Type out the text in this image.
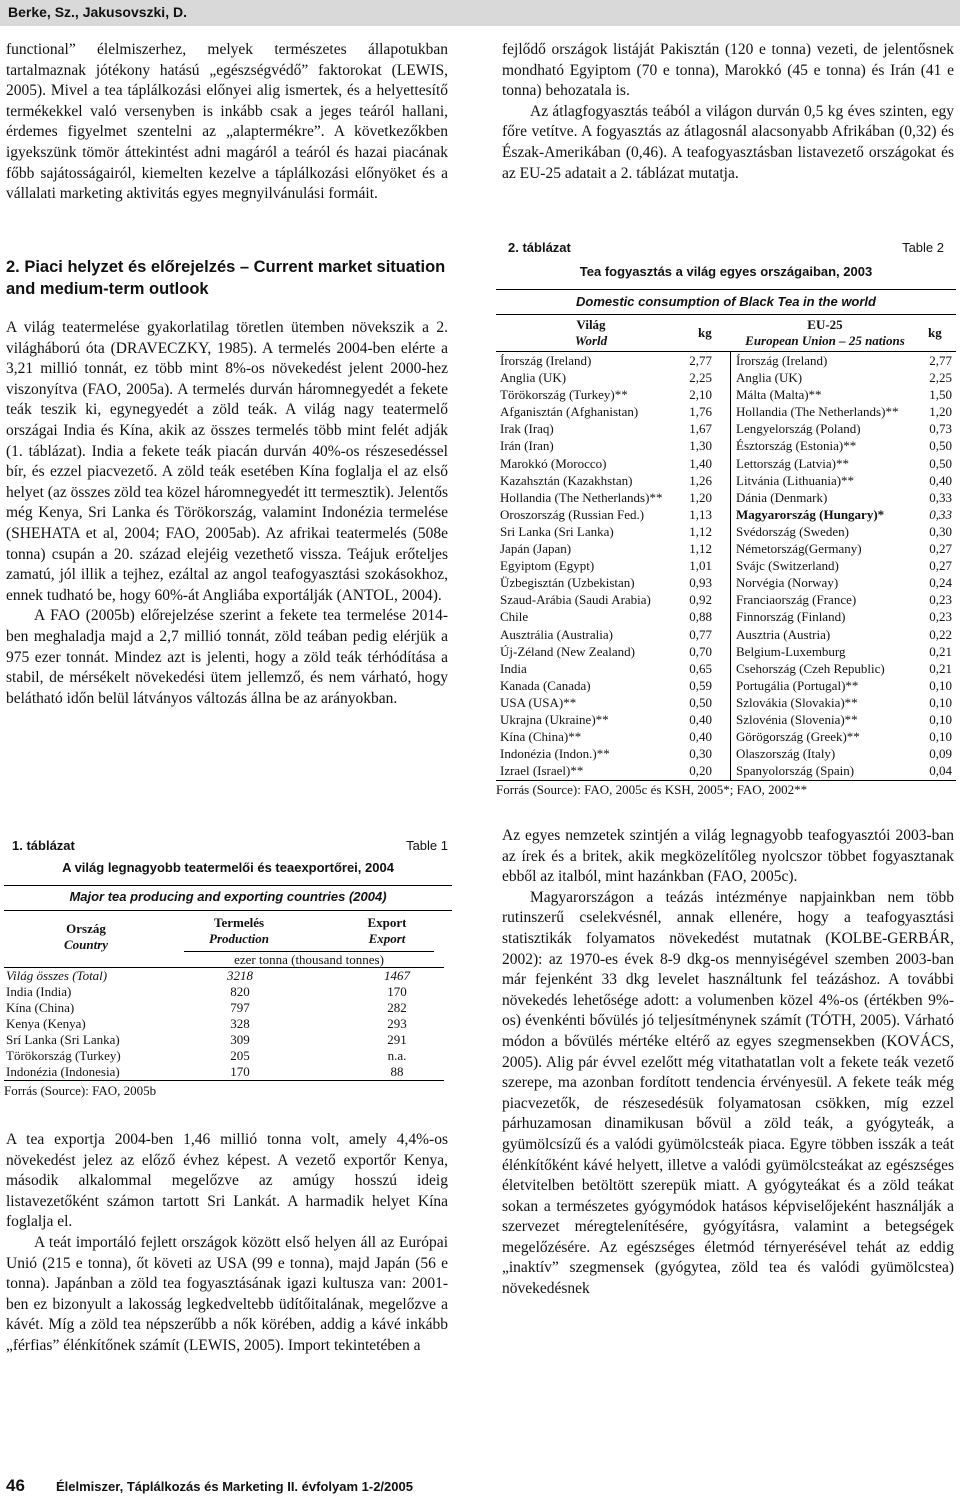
Berke, Sz., Jakusovszki, D.

functional” élelmiszerhez, melyek természetes állapotukban tartalmaznak jótékony hatású „egészségvédő” faktorokat (LEWIS, 2005). Mivel a tea táplálkozási előnyei alig ismertek, és a helyettesítő termékekkel való versenyben is inkább csak a jeges teáról hallani, érdemes figyelmet szentelni az „alaptermékre”. A következőkben igyekszünk tömör áttekintést adni magáról a teáról és hazai piacának főbb sajátosságairól, kiemelten kezelve a táplálkozási előnyöket és a vállalati marketing aktivitás egyes megnyilvánulási formáit.

2. Piaci helyzet és előrejelzés – Current market situation and medium-term outlook

A világ teatermelése gyakorlatilag töretlen ütemben növekszik a 2. világháború óta (DRAVECZKY, 1985). A termelés 2004-ben elérte a 3,21 millió tonnát, ez több mint 8%-os növekedést jelent 2000-hez viszonyítva (FAO, 2005a). A termelés durván háromnegyedét a fekete teák teszik ki, egynegyedét a zöld teák. A világ nagy teatermelő országai India és Kína, akik az összes termelés több mint felét adják (1. táblázat). India a fekete teák piacán durván 40%-os részesedéssel bír, és ezzel piacvezető. A zöld teák esetében Kína foglalja el az első helyet (az összes zöld tea közel háromnegyedét itt termesztik). Jelentős még Kenya, Sri Lanka és Törökország, valamint Indonézia termelése (SHEHATA et al, 2004; FAO, 2005ab). Az afrikai teatermelés (508e tonna) csupán a 20. század elejéig vezethető vissza. Teájuk erőteljes zamatú, jól illik a tejhez, ezáltal az angol teafogyasztási szokásokhoz, ennek tudható be, hogy 60%-át Angliába exportálják (ANTOL, 2004).

A FAO (2005b) előrejelzése szerint a fekete tea termelése 2014-ben meghaladja majd a 2,7 millió tonnát, zöld teában pedig elérjük a 975 ezer tonnát. Mindez azt is jelenti, hogy a zöld teák térhódítása a stabil, de mérsékelt növekedési ütem jellemző, és nem várható, hogy belátható időn belül látványos változás állna be az arányokban.

1. táblázat	Table 1
A világ legnagyobb teatermelői és teaexportőrei, 2004
Major tea producing and exporting countries (2004)
Ország
Country
Termelés
Production
Export
Export
ezer tonna (thousand tonnes)
Világ összes (Total)	3218	1467
India (India)	820	170
Kína (China)	797	282
Kenya (Kenya)	328	293
Srí Lanka (Sri Lanka)	309	291
Törökország (Turkey)	205	n.a.
Indonézia (Indonesia)	170	88
Forrás (Source): FAO, 2005b

A tea exportja 2004-ben 1,46 millió tonna volt, amely 4,4%-os növekedést jelez az előző évhez képest. A vezető exportőr Kenya, második alkalommal megelőzve az amúgy hosszú ideig listavezetőként számon tartott Sri Lankát. A harmadik helyet Kína foglalja el.

A teát importáló fejlett országok között első helyen áll az Európai Unió (215 e tonna), őt követi az USA (99 e tonna), majd Japán (56 e tonna). Japánban a zöld tea fogyasztásának igazi kultusza van: 2001-ben ez bizonyult a lakosság legkedveltebb üdítőitalának, megelőzve a kávét. Míg a zöld tea népszerűbb a nők körében, addig a kávé inkább „férfias” élénkítőnek számít (LEWIS, 2005). Import tekintetében a

fejlődő országok listáját Pakisztán (120 e tonna) vezeti, de jelentősnek mondható Egyiptom (70 e tonna), Marokkó (45 e tonna) és Irán (41 e tonna) behozatala is.

Az átlagfogyasztás teából a világon durván 0,5 kg éves szinten, egy főre vetítve. A fogyasztás az átlagosnál alacsonyabb Afrikában (0,32) és Észak-Amerikában (0,46). A teafogyasztásban listavezető országokat és az EU-25 adatait a 2. táblázat mutatja.

2. táblázat	Table 2
Tea fogyasztás a világ egyes országaiban, 2003
Domestic consumption of Black Tea in the world
Világ
World
kg
EU-25
European Union – 25 nations
kg
Írország (Ireland)	2,77 Írország (Ireland)	2,77
Anglia (UK)	2,25 Anglia (UK)	2,25
Törökország (Turkey)**	2,10 Málta (Malta)**	1,50
Afganisztán (Afghanistan)	1,76 Hollandia (The Netherlands)** 1,20
Irak (Iraq)	1,67 Lengyelország (Poland)	0,73
Irán (Iran)	1,30 Észtország (Estonia)**	0,50
Marokkó (Morocco)	1,40 Lettország (Latvia)**	0,50
Kazahsztán (Kazakhstan)	1,26 Litvánia (Lithuania)**	0,40
Hollandia (The Netherlands)** 1,20 Dánia (Denmark)	0,33
Oroszország (Russian Fed.)	1,13 Magyarország (Hungary)*	0,33
Sri Lanka (Sri Lanka)	1,12 Svédország (Sweden)	0,30
Japán (Japan)	1,12 Németország(Germany)	0,27
Egyiptom (Egypt)	1,01 Svájc (Switzerland)	0,27
Üzbegisztán (Uzbekistan)	0,93 Norvégia (Norway)	0,24
Szaud-Arábia (Saudi Arabia)	0,92 Franciaország (France)	0,23
Chile	0,88 Finnország (Finland)	0,23
Ausztrália (Australia)	0,77 Ausztria (Austria)	0,22
Új-Zéland (New Zealand)	0,70 Belgium-Luxemburg	0,21
India	0,65 Csehország (Czeh Republic)	0,21
Kanada (Canada)	0,59 Portugália (Portugal)**	0,10
USA (USA)**	0,50 Szlovákia (Slovakia)**	0,10
Ukrajna (Ukraine)**	0,40 Szlovénia (Slovenia)**	0,10
Kína (China)**	0,40 Görögország (Greek)**	0,10
Indonézia (Indon.)**	0,30 Olaszország (Italy)	0,09
Izrael (Israel)**	0,20 Spanyolország (Spain)	0,04
Forrás (Source): FAO, 2005c és KSH, 2005*; FAO, 2002**

Az egyes nemzetek szintjén a világ legnagyobb teafogyasztói 2003-ban az írek és a britek, akik megközelítőleg nyolcszor többet fogyasztanak ebből az italból, mint hazánkban (FAO, 2005c).

Magyarországon a teázás intézménye napjainkban nem több rutinszerű cselekvésnél, annak ellenére, hogy a teafogyasztási statisztikák folyamatos növekedést mutatnak (KOLBE-GERBÁR, 2002): az 1970-es évek 8-9 dkg-os mennyiségével szemben 2003-ban már fejenként 33 dkg levelet használtunk fel teázáshoz. A további növekedés lehetősége adott: a volumenben közel 4%-os (értékben 9%-os) évenkénti bővülés jó teljesítménynek számít (TÓTH, 2005). Várható módon a bővülés mértéke eltérő az egyes szegmensekben (KOVÁCS, 2005). Alig pár évvel ezelőtt még vitathatatlan volt a fekete teák vezető szerepe, ma azonban fordított tendencia érvényesül. A fekete teák még piacvezetők, de részesedésük folyamatosan csökken, míg ezzel párhuzamosan dinamikusan bővül a zöld teák, a gyógyteák, a gyümölcsízű és a valódi gyümölcsteák piaca. Egyre többen isszák a teát élénkítőként kávé helyett, illetve a valódi gyümölcsteákat az egészséges életvitelben betöltött szerepük miatt. A gyógyteákat és a zöld teákat sokan a természetes gyógymódok hatásos képviselőjeként használják a szervezet méregtelenítésére, gyógyításra, valamint a betegségek megelőzésére. Az egészséges életmód térnyerésével tehát az eddig „inaktív” szegmensek (gyógytea, zöld tea és valódi gyümölcstea) növekedésnek

46 Élelmiszer, Táplálkozás és Marketing II. évfolyam 1-2/2005
